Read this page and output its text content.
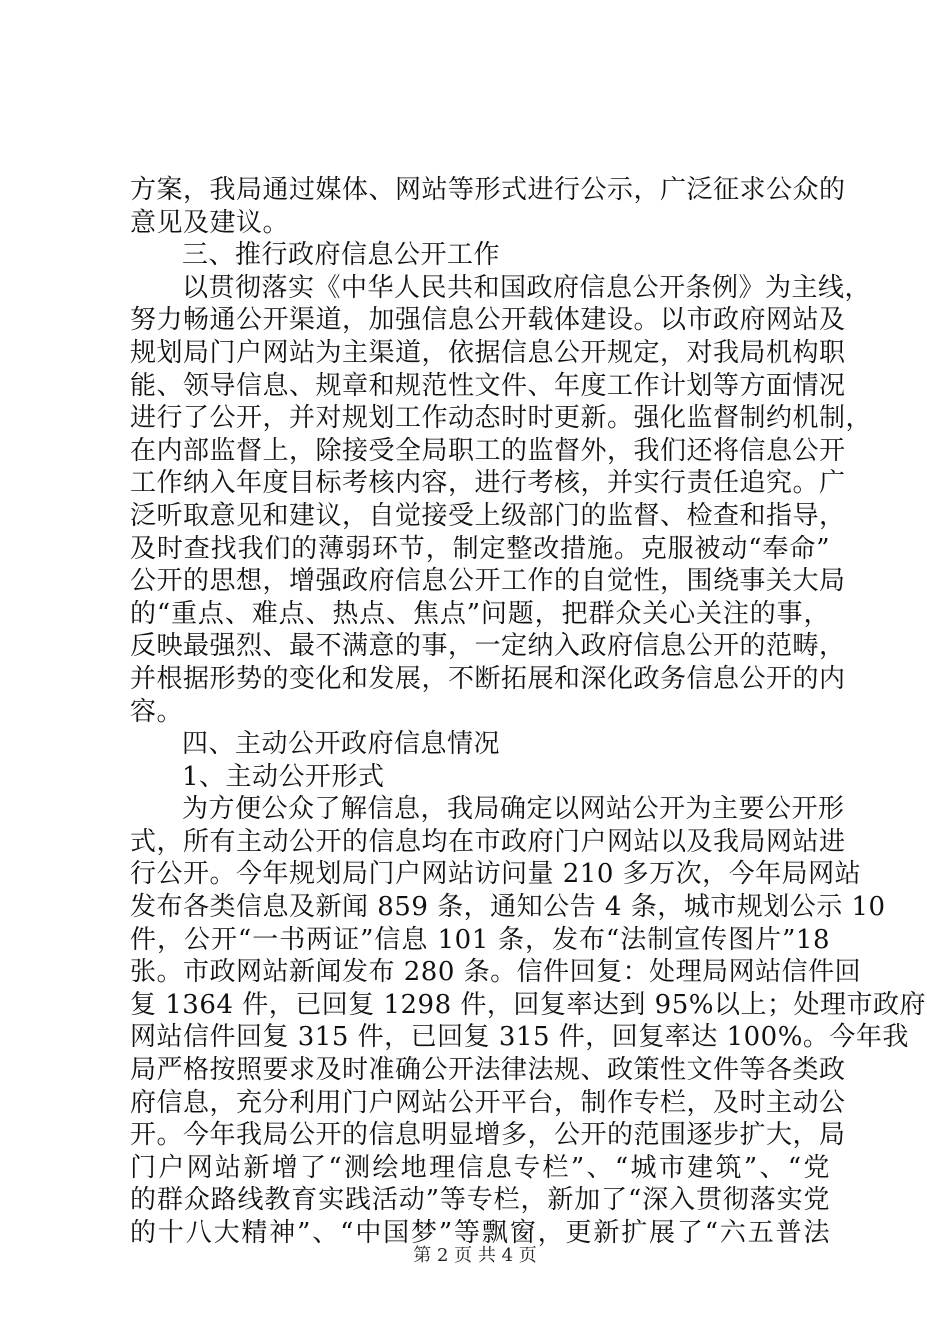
方案，我局通过媒体、网站等形式进行公示，广泛征求公众的
意见及建议。
三、推行政府信息公开工作
以贯彻落实《中华人民共和国政府信息公开条例》为主线，
努力畅通公开渠道，加强信息公开载体建设。以市政府网站及
规划局门户网站为主渠道，依据信息公开规定，对我局机构职
能、领导信息、规章和规范性文件、年度工作计划等方面情况
进行了公开，并对规划工作动态时时更新。强化监督制约机制，
在内部监督上，除接受全局职工的监督外，我们还将信息公开
工作纳入年度目标考核内容，进行考核，并实行责任追究。广
泛听取意见和建议，自觉接受上级部门的监督、检查和指导，
及时查找我们的薄弱环节，制定整改措施。克服被动“奉命”
公开的思想，增强政府信息公开工作的自觉性，围绕事关大局
的“重点、难点、热点、焦点”问题，把群众关心关注的事，
反映最强烈、最不满意的事，一定纳入政府信息公开的范畴，
并根据形势的变化和发展，不断拓展和深化政务信息公开的内
容。
四、主动公开政府信息情况
1、主动公开形式
为方便公众了解信息，我局确定以网站公开为主要公开形
式，所有主动公开的信息均在市政府门户网站以及我局网站进
行公开。今年规划局门户网站访问量 210 多万次，今年局网站
发布各类信息及新闻 859 条，通知公告 4 条，城市规划公示 10
件，公开“一书两证”信息 101 条，发布“法制宣传图片”18
张。市政网站新闻发布 280 条。信件回复：处理局网站信件回
复 1364 件，已回复 1298 件，回复率达到 95%以上；处理市政府
网站信件回复 315 件，已回复 315 件，回复率达 100%。今年我
局严格按照要求及时准确公开法律法规、政策性文件等各类政
府信息，充分利用门户网站公开平台，制作专栏，及时主动公
开。今年我局公开的信息明显增多，公开的范围逐步扩大，局
门户网站新增了“测绘地理信息专栏”、“城市建筑”、“党
的群众路线教育实践活动”等专栏，新加了“深入贯彻落实党
的十八大精神”、“中国梦”等飘窗，更新扩展了“六五普法
第 2 页 共 4 页
